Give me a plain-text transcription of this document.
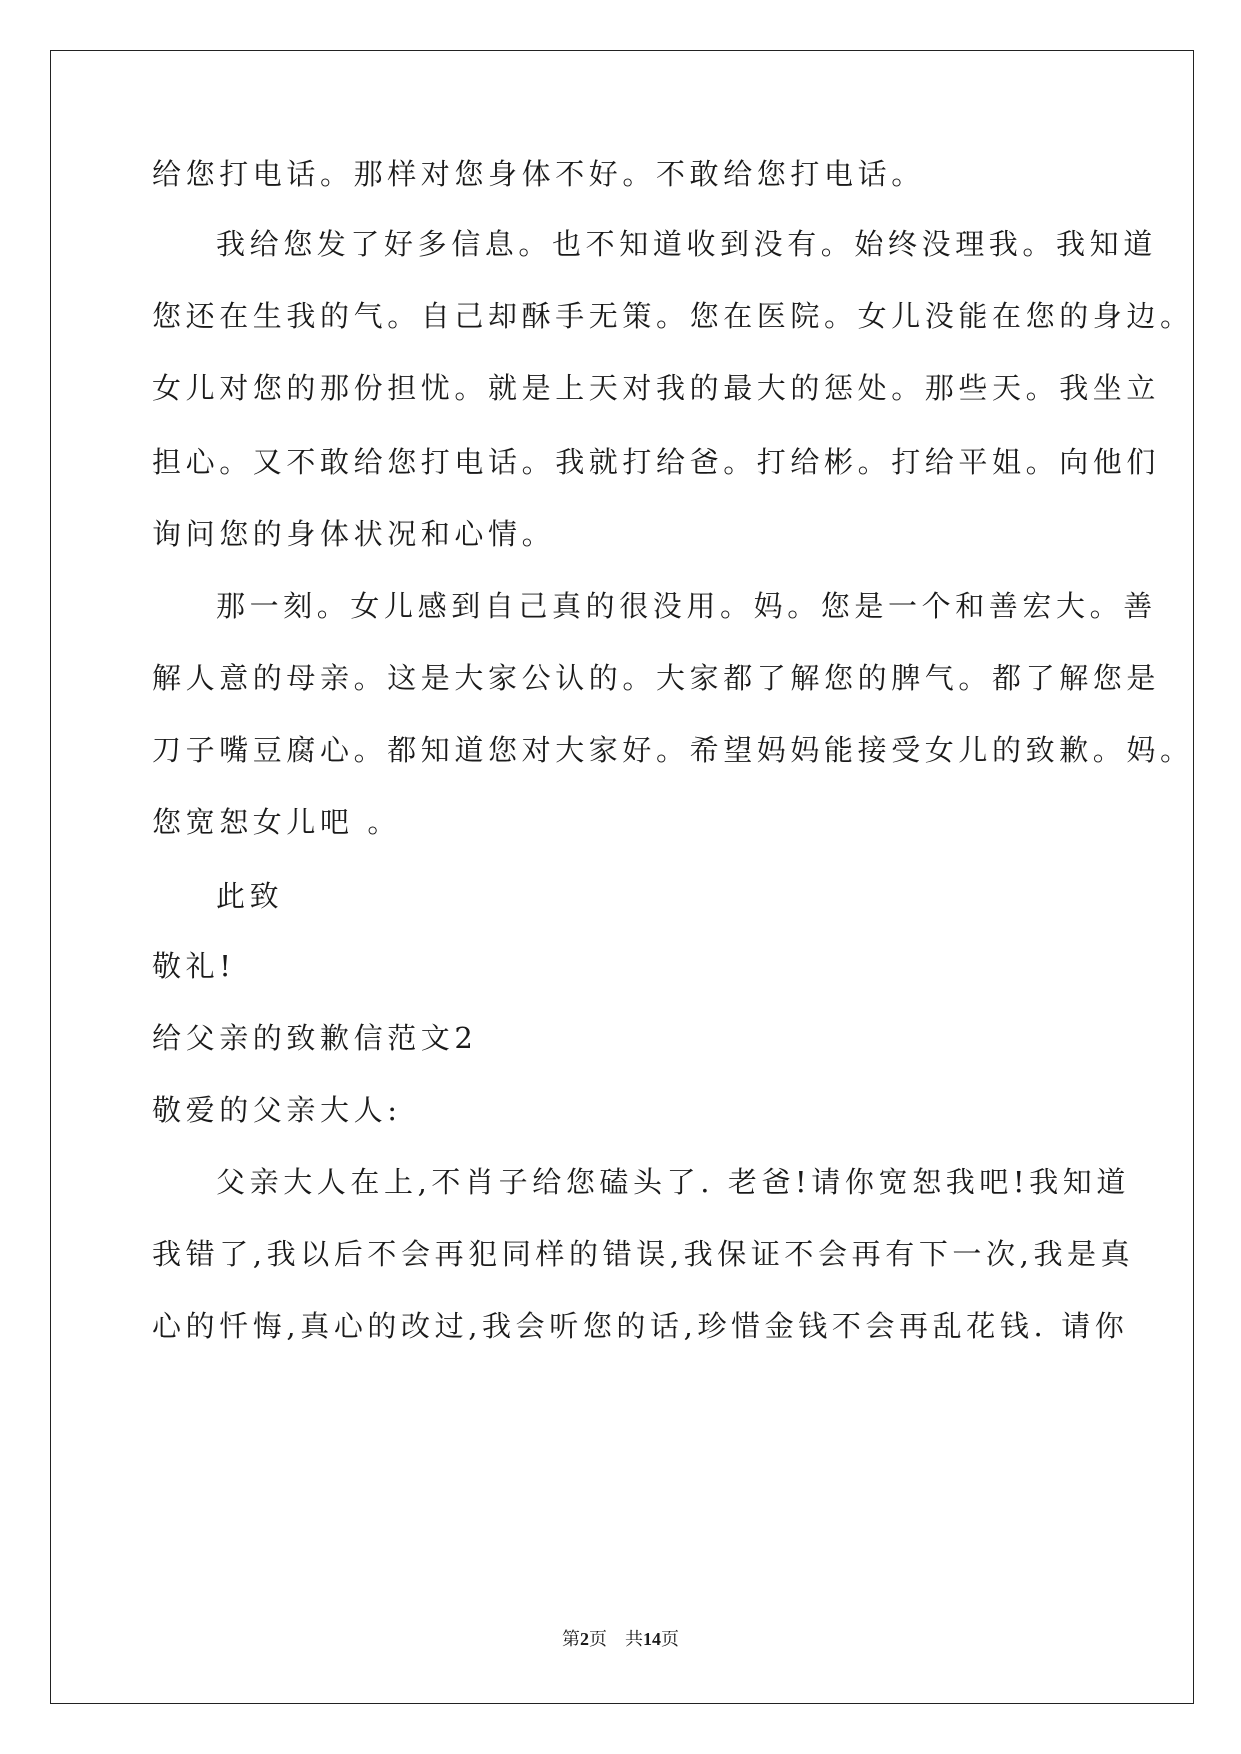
给您打电话。那样对您身体不好。不敢给您打电话。
我给您发了好多信息。也不知道收到没有。始终没理我。我知道
您还在生我的气。自己却酥手无策。您在医院。女儿没能在您的身边。
女儿对您的那份担忧。就是上天对我的最大的惩处。那些天。我坐立
担心。又不敢给您打电话。我就打给爸。打给彬。打给平姐。向他们
询问您的身体状况和心情。
那一刻。女儿感到自己真的很没用。妈。您是一个和善宏大。善
解人意的母亲。这是大家公认的。大家都了解您的脾气。都了解您是
刀子嘴豆腐心。都知道您对大家好。希望妈妈能接受女儿的致歉。妈。
您宽恕女儿吧 。
此致
敬礼!
给父亲的致歉信范文2
敬爱的父亲大人:
父亲大人在上,不肖子给您磕头了. 老爸!请你宽恕我吧!我知道
我错了,我以后不会再犯同样的错误,我保证不会再有下一次,我是真
心的忏悔,真心的改过,我会听您的话,珍惜金钱不会再乱花钱. 请你
第2页 共14页
